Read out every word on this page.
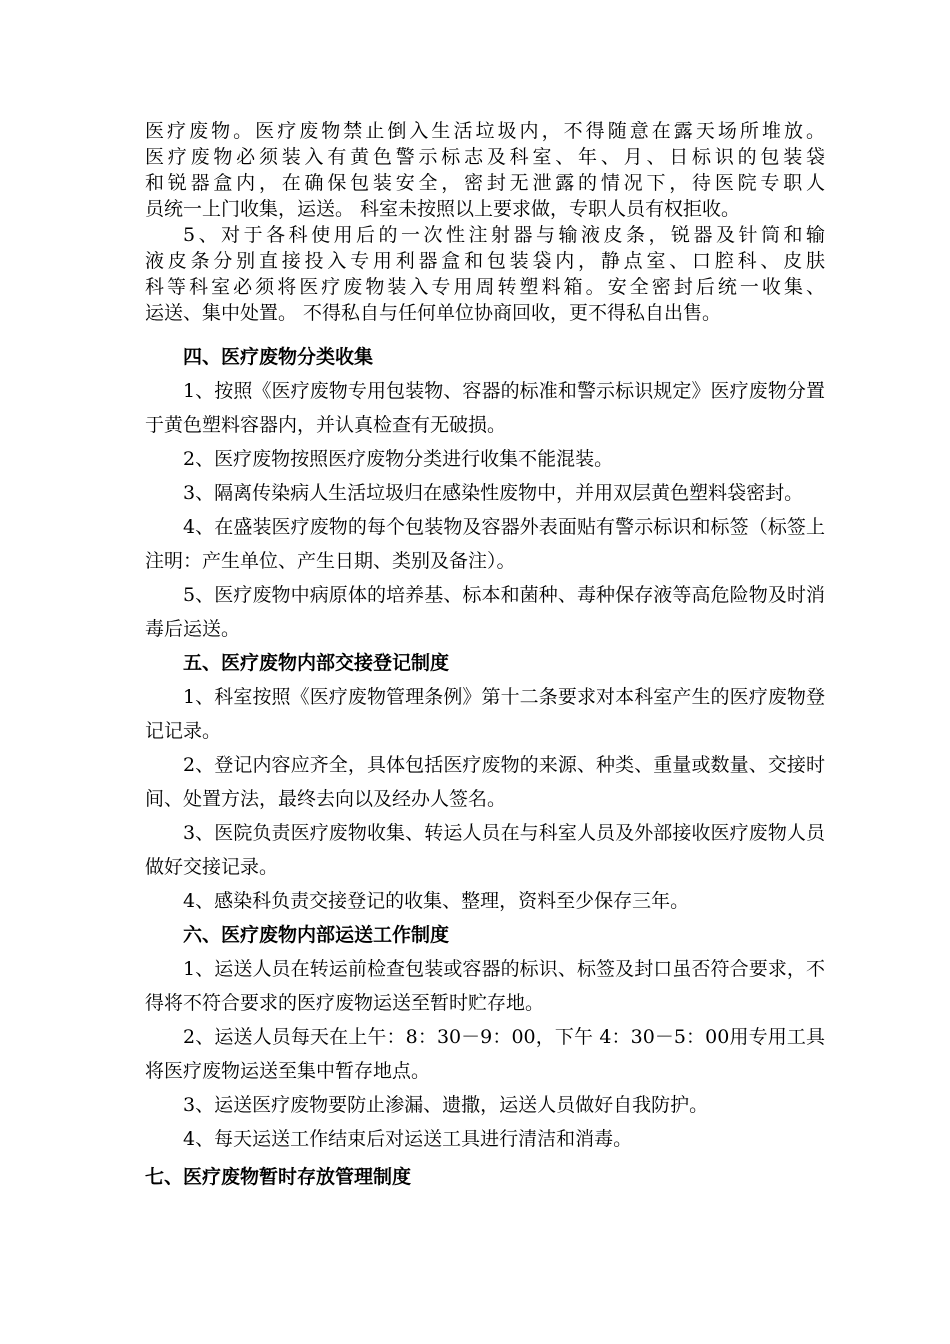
医疗废物。医疗废物禁止倒入生活垃圾内，不得随意在露天场所堆放。

医疗废物必须装入有黄色警示标志及科室、年、月、日标识的包装袋

和锐器盒内，在确保包装安全，密封无泄露的情况下，待医院专职人

员统一上门收集，运送。 科室未按照以上要求做，专职人员有权拒收。

5、对于各科使用后的一次性注射器与输液皮条，锐器及针筒和输

液皮条分别直接投入专用利器盒和包装袋内，静点室、口腔科、皮肤

科等科室必须将医疗废物装入专用周转塑料箱。安全密封后统一收集、

运送、集中处置。 不得私自与任何单位协商回收，更不得私自出售。

四、医疗废物分类收集

1、按照《医疗废物专用包装物、容器的标准和警示标识规定》医疗废物分置于黄色塑料容器内，并认真检查有无破损。

2、医疗废物按照医疗废物分类进行收集不能混装。

3、隔离传染病人生活垃圾归在感染性废物中，并用双层黄色塑料袋密封。

4、在盛装医疗废物的每个包装物及容器外表面贴有警示标识和标签（标签上注明：产生单位、产生日期、类别及备注）。

5、医疗废物中病原体的培养基、标本和菌种、毒种保存液等高危险物及时消毒后运送。

五、医疗废物内部交接登记制度

1、科室按照《医疗废物管理条例》第十二条要求对本科室产生的医疗废物登记记录。

2、登记内容应齐全，具体包括医疗废物的来源、种类、重量或数量、交接时间、处置方法，最终去向以及经办人签名。

3、医院负责医疗废物收集、转运人员在与科室人员及外部接收医疗废物人员做好交接记录。

4、感染科负责交接登记的收集、整理，资料至少保存三年。

六、医疗废物内部运送工作制度

1、运送人员在转运前检查包装或容器的标识、标签及封口虽否符合要求，不得将不符合要求的医疗废物运送至暂时贮存地。

2、运送人员每天在上午：8：30－9：00，下午 4：30－5：00用专用工具将医疗废物运送至集中暂存地点。

3、运送医疗废物要防止渗漏、遗撒，运送人员做好自我防护。

4、每天运送工作结束后对运送工具进行清洁和消毒。

七、医疗废物暂时存放管理制度
